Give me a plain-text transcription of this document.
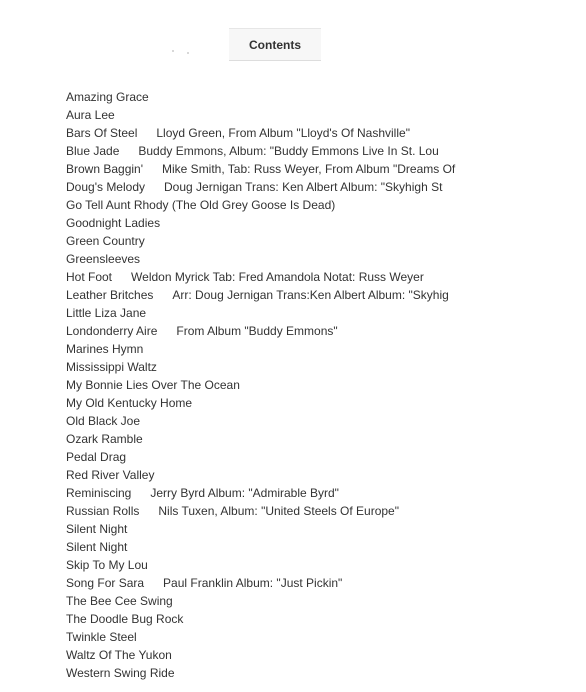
Contents
Amazing Grace
Aura Lee
Bars Of Steel Lloyd Green, From Album "Lloyd's Of Nashville"
Blue Jade Buddy Emmons, Album: "Buddy Emmons Live In St. Lou
Brown Baggin' Mike Smith, Tab: Russ Weyer, From Album "Dreams Of
Doug's Melody Doug Jernigan Trans: Ken Albert Album: "Skyhigh St
Go Tell Aunt Rhody (The Old Grey Goose Is Dead)
Goodnight Ladies
Green Country
Greensleeves
Hot Foot Weldon Myrick Tab: Fred Amandola Notat: Russ Weyer
Leather Britches Arr: Doug Jernigan Trans:Ken Albert Album: "Skyhig
Little Liza Jane
Londonderry Aire From Album "Buddy Emmons"
Marines Hymn
Mississippi Waltz
My Bonnie Lies Over The Ocean
My Old Kentucky Home
Old Black Joe
Ozark Ramble
Pedal Drag
Red River Valley
Reminiscing Jerry Byrd Album: "Admirable Byrd"
Russian Rolls Nils Tuxen, Album: "United Steels Of Europe"
Silent Night
Silent Night
Skip To My Lou
Song For Sara Paul Franklin Album: "Just Pickin"
The Bee Cee Swing
The Doodle Bug Rock
Twinkle Steel
Waltz Of The Yukon
Western Swing Ride
